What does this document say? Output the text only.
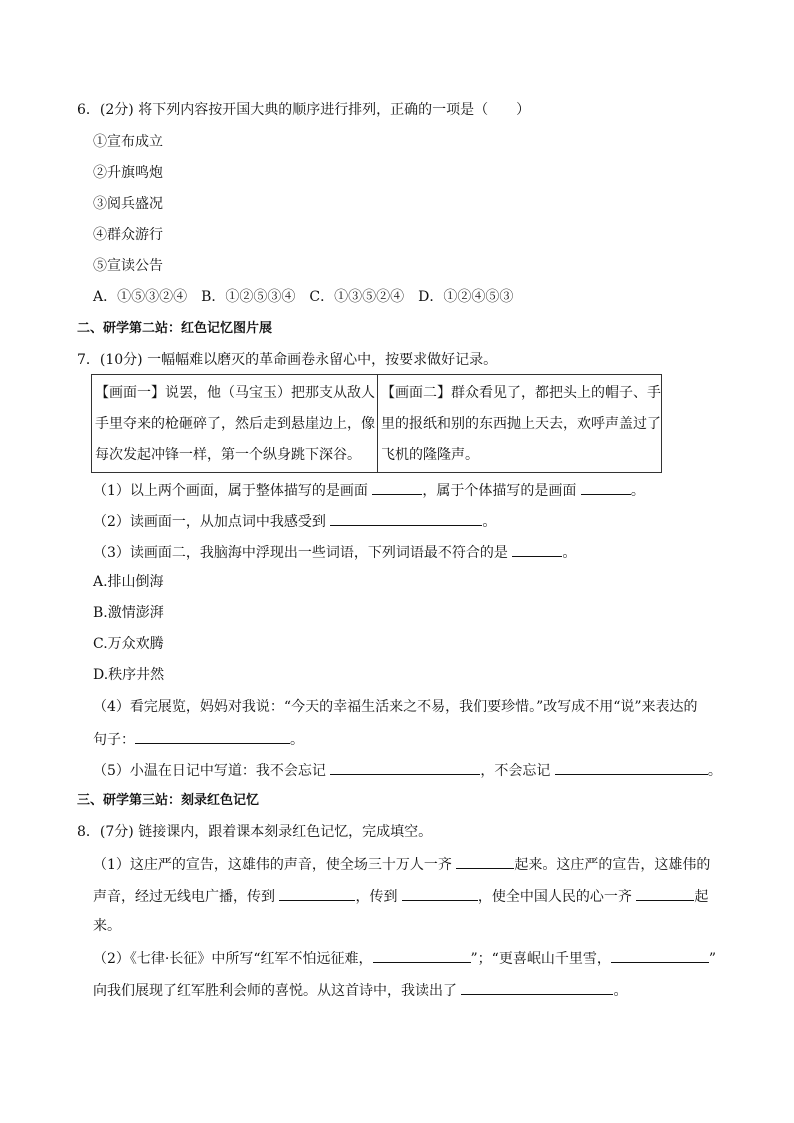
6．(2分) 将下列内容按开国大典的顺序进行排列，正确的一项是（　　）
①宣布成立
②升旗鸣炮
③阅兵盛况
④群众游行
⑤宣读公告
A．①⑤③②④ B．①②⑤③④ C．①③⑤②④ D．①②④⑤③
二、研学第二站：红色记忆图片展
7．(10分) 一幅幅难以磨灭的革命画卷永留心中，按要求做好记录。
【画面一】说罢，他（马宝玉）把那支从敌人
手里夺来的枪砸碎了，然后走到悬崖边上，像
每次发起冲锋一样，第一个纵身跳下深谷。
【画面二】群众看见了，都把头上的帽子、手
里的报纸和别的东西抛上天去，欢呼声盖过了
飞机的隆隆声。
（1）以上两个画面，属于整体描写的是画面	，属于个体描写的是画面	。
（2）读画面一，从加点词中我感受到	。
（3）读画面二，我脑海中浮现出一些词语，下列词语最不符合的是	。
A.排山倒海
B.激情澎湃
C.万众欢腾
D.秩序井然
（4）看完展览，妈妈对我说：“今天的幸福生活来之不易，我们要珍惜。”改写成不用“说”来表达的
句子：	。
（5）小温在日记中写道：我不会忘记	，不会忘记	。
三、研学第三站：刻录红色记忆
8．(7分) 链接课内，跟着课本刻录红色记忆，完成填空。
（1）这庄严的宣告，这雄伟的声音，使全场三十万人一齐	起来。这庄严的宣告，这雄伟的
声音，经过无线电广播，传到	，传到	，使全中国人民的心一齐	起
来。
（2）《七律·长征》中所写“红军不怕远征难，	”；“更喜岷山千里雪，	”
向我们展现了红军胜利会师的喜悦。从这首诗中，我读出了	。
